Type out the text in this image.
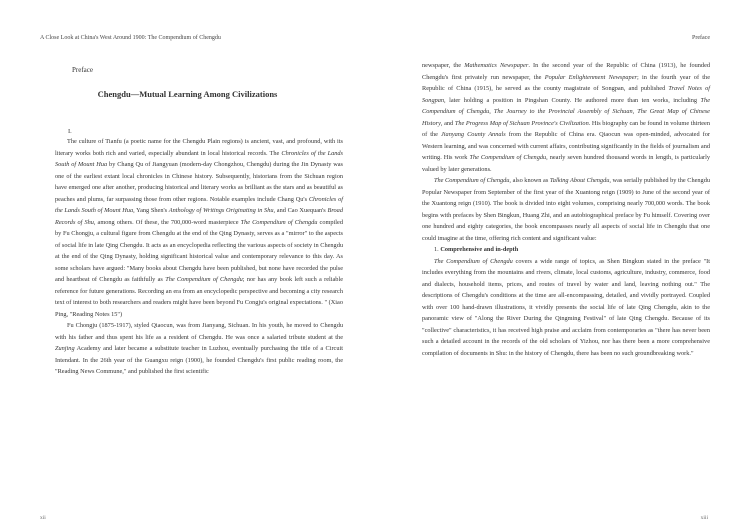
A Close Look at China's West Around 1900: The Compendium of Chengdu
Preface
Chengdu—Mutual Learning Among Civilizations
I.

The culture of Tianfu (a poetic name for the Chengdu Plain regions) is ancient, vast, and profound, with its literary works both rich and varied, especially abundant in local historical records. The Chronicles of the Lands South of Mount Hua by Chang Qu of Jiangyuan (modern-day Chongzhou, Chengdu) during the Jin Dynasty was one of the earliest extant local chronicles in Chinese history. Subsequently, historians from the Sichuan region have emerged one after another, producing historical and literary works as brilliant as the stars and as beautiful as peaches and plums, far surpassing those from other regions. Notable examples include Chang Qu's Chronicles of the Lands South of Mount Hua, Yang Shen's Anthology of Writings Originating in Shu, and Cao Xuequan's Broad Records of Shu, among others. Of these, the 700,000-word masterpiece The Compendium of Chengdu compiled by Fu Chongju, a cultural figure from Chengdu at the end of the Qing Dynasty, serves as a "mirror" to the aspects of social life in late Qing Chengdu. It acts as an encyclopedia reflecting the various aspects of society in Chengdu at the end of the Qing Dynasty, holding significant historical value and contemporary relevance to this day. As some scholars have argued: "Many books about Chengdu have been published, but none have recorded the pulse and heartbeat of Chengdu as faithfully as The Compendium of Chengdu; nor has any book left such a reliable reference for future generations. Recording an era from an encyclopedic perspective and becoming a city research text of interest to both researchers and readers might have been beyond Fu Congju's original expectations. " (Xiao Ping, "Reading Notes 15")

Fu Chongju (1875-1917), styled Qiaocun, was from Jianyang, Sichuan. In his youth, he moved to Chengdu with his father and thus spent his life as a resident of Chengdu. He was once a salaried tribute student at the Zunjing Academy and later became a substitute teacher in Luzhou, eventually purchasing the title of a Circuit Intendant. In the 26th year of the Guangxu reign (1900), he founded Chengdu's first public reading room, the "Reading News Commune," and published the first scientific

xii
Preface

newspaper, the Mathematics Newspaper. In the second year of the Republic of China (1913), he founded Chengdu's first privately run newspaper, the Popular Enlightenment Newspaper; in the fourth year of the Republic of China (1915), he served as the county magistrate of Songpan, and published Travel Notes of Songpan, later holding a position in Pingshan County. He authored more than ten works, including The Compendium of Chengdu, The Journey to the Provincial Assembly of Sichuan, The Great Map of Chinese History, and The Progress Map of Sichuan Province's Civilization. His biography can be found in volume thirteen of the Jianyang County Annals from the Republic of China era. Qiaocun was open-minded, advocated for Western learning, and was concerned with current affairs, contributing significantly in the fields of journalism and writing. His work The Compendium of Chengdu, nearly seven hundred thousand words in length, is particularly valued by later generations.

The Compendium of Chengdu, also known as Talking About Chengdu, was serially published by the Chengdu Popular Newspaper from September of the first year of the Xuantong reign (1909) to June of the second year of the Xuantong reign (1910). The book is divided into eight volumes, comprising nearly 700,000 words. The book begins with prefaces by Shen Bingkun, Huang Zhi, and an autobiographical preface by Fu himself. Covering over one hundred and eighty categories, the book encompasses nearly all aspects of social life in Chengdu that one could imagine at the time, offering rich content and significant value:

1. Comprehensive and in-depth

The Compendium of Chengdu covers a wide range of topics, as Shen Bingkun stated in the preface "It includes everything from the mountains and rivers, climate, local customs, agriculture, industry, commerce, food and dialects, household items, prices, and routes of travel by water and land, leaving nothing out." The descriptions of Chengdu's conditions at the time are all-encompassing, detailed, and vividly portrayed. Coupled with over 100 hand-drawn illustrations, it vividly presents the social life of late Qing Chengdu, akin to the panoramic view of "Along the River During the Qingming Festival" of late Qing Chengdu. Because of its "collective" characteristics, it has received high praise and acclaim from contemporaries as "there has never been such a detailed account in the records of the old scholars of Yizhou, nor has there been a more comprehensive compilation of documents in Shu: in the history of Chengdu, there has been no such groundbreaking work."

xiii
